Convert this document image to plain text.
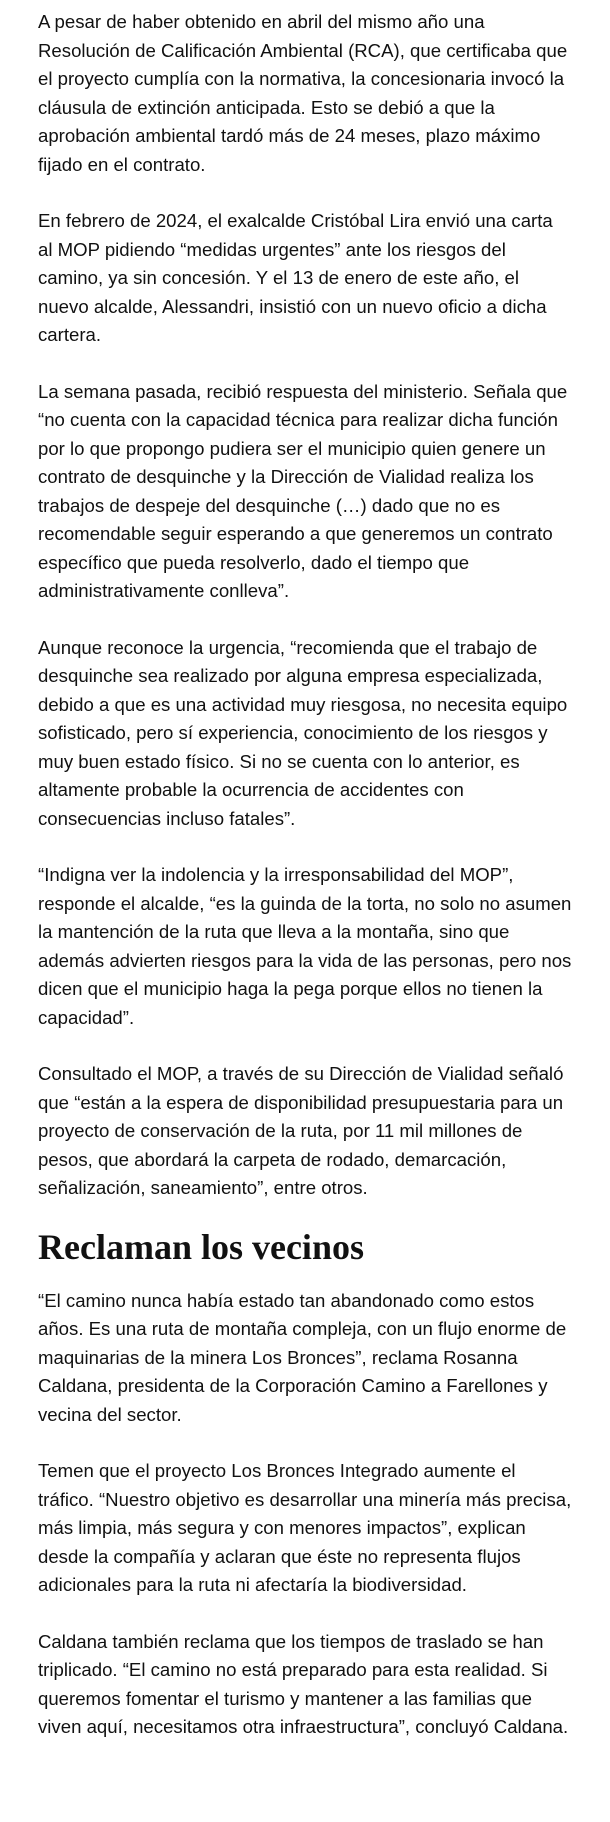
A pesar de haber obtenido en abril del mismo año una Resolución de Calificación Ambiental (RCA), que certificaba que el proyecto cumplía con la normativa, la concesionaria invocó la cláusula de extinción anticipada. Esto se debió a que la aprobación ambiental tardó más de 24 meses, plazo máximo fijado en el contrato.

En febrero de 2024, el exalcalde Cristóbal Lira envió una carta al MOP pidiendo “medidas urgentes” ante los riesgos del camino, ya sin concesión. Y el 13 de enero de este año, el nuevo alcalde, Alessandri, insistió con un nuevo oficio a dicha cartera.

La semana pasada, recibió respuesta del ministerio. Señala que “no cuenta con la capacidad técnica para realizar dicha función por lo que propongo pudiera ser el municipio quien genere un contrato de desquinche y la Dirección de Vialidad realiza los trabajos de despeje del desquinche (…) dado que no es recomendable seguir esperando a que generemos un contrato específico que pueda resolverlo, dado el tiempo que administrativamente conlleva”.

Aunque reconoce la urgencia, “recomienda que el trabajo de desquinche sea realizado por alguna empresa especializada, debido a que es una actividad muy riesgosa, no necesita equipo sofisticado, pero sí experiencia, conocimiento de los riesgos y muy buen estado físico. Si no se cuenta con lo anterior, es altamente probable la ocurrencia de accidentes con consecuencias incluso fatales”.

“Indigna ver la indolencia y la irresponsabilidad del MOP”, responde el alcalde, “es la guinda de la torta, no solo no asumen la mantención de la ruta que lleva a la montaña, sino que además advierten riesgos para la vida de las personas, pero nos dicen que el municipio haga la pega porque ellos no tienen la capacidad”.

Consultado el MOP, a través de su Dirección de Vialidad señaló que “están a la espera de disponibilidad presupuestaria para un proyecto de conservación de la ruta, por 11 mil millones de pesos, que abordará la carpeta de rodado, demarcación, señalización, saneamiento”, entre otros.

Reclaman los vecinos

“El camino nunca había estado tan abandonado como estos años. Es una ruta de montaña compleja, con un flujo enorme de maquinarias de la minera Los Bronces”, reclama Rosanna Caldana, presidenta de la Corporación Camino a Farellones y vecina del sector.

Temen que el proyecto Los Bronces Integrado aumente el tráfico. “Nuestro objetivo es desarrollar una minería más precisa, más limpia, más segura y con menores impactos”, explican desde la compañía y aclaran que éste no representa flujos adicionales para la ruta ni afectaría la biodiversidad.

Caldana también reclama que los tiempos de traslado se han triplicado. “El camino no está preparado para esta realidad. Si queremos fomentar el turismo y mantener a las familias que viven aquí, necesitamos otra infraestructura”, concluyó Caldana.
